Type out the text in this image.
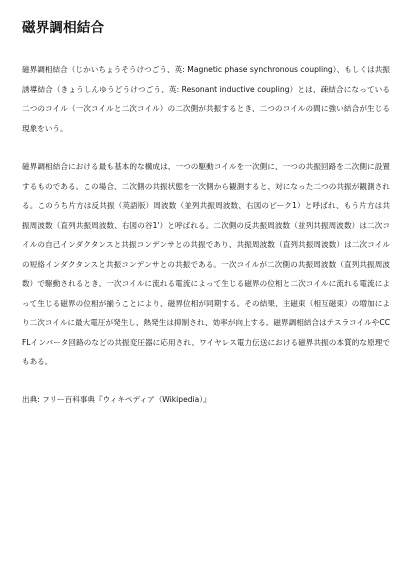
磁界調相結合

磁界調相結合（じかいちょうそうけつごう、英: Magnetic phase synchronous coupling）、もしくは共振誘導結合（きょうしんゆうどうけつごう、英: Resonant inductive coupling）とは、疎結合になっている二つのコイル（一次コイルと二次コイル）の二次側が共振するとき、二つのコイルの間に強い結合が生じる現象をいう。

磁界調相結合における最も基本的な構成は、一つの駆動コイルを一次側に、一つの共振回路を二次側に設置するものである。この場合、二次側の共振状態を一次側から観測すると、対になった二つの共振が観測される。このうち片方は反共振（英語版）周波数（並列共振周波数、右図のピーク1）と呼ばれ、もう片方は共振周波数（直列共振周波数、右図の谷1'）と呼ばれる。二次側の反共振周波数（並列共振周波数）は二次コイルの自己インダクタンスと共振コンデンサとの共振であり、共振周波数（直列共振周波数）は二次コイルの短絡インダクタンスと共振コンデンサとの共振である。一次コイルが二次側の共振周波数（直列共振周波数）で駆動されるとき、一次コイルに流れる電流によって生じる磁界の位相と二次コイルに流れる電流によって生じる磁界の位相が揃うことにより、磁界位相が同期する。その結果、主磁束（相互磁束）の増加により二次コイルに最大電圧が発生し、熱発生は抑制され、効率が向上する。磁界調相結合はテスラコイルやCCFLインバータ回路のなどの共振変圧器に応用され、ワイヤレス電力伝送における磁界共振の本質的な原理でもある。

出典: フリー百科事典『ウィキペディア（Wikipedia）』
